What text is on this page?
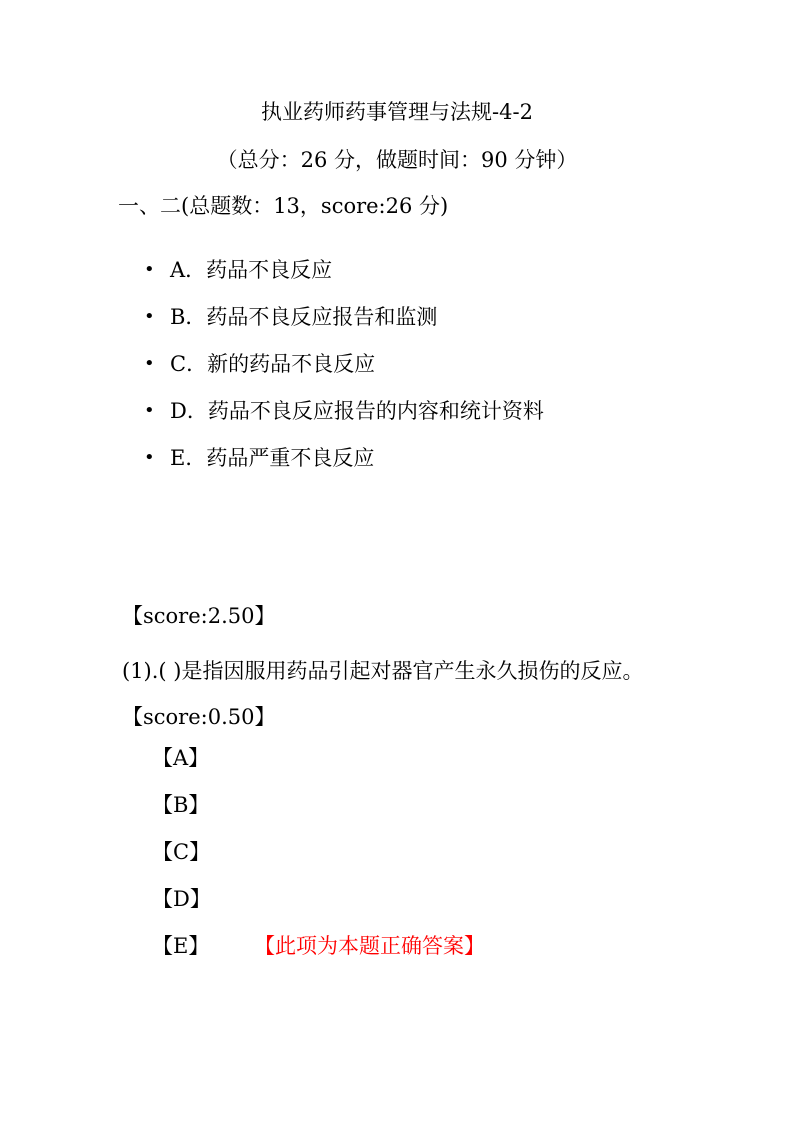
执业药师药事管理与法规-4-2
（总分：26 分，做题时间：90 分钟）
一、二(总题数：13，score:26 分)
• A．药品不良反应
• B．药品不良反应报告和监测
• C．新的药品不良反应
• D．药品不良反应报告的内容和统计资料
• E．药品严重不良反应
【score:2.50】
(1).( )是指因服用药品引起对器官产生永久损伤的反应。【score:0.50】
【A】
【B】
【C】
【D】
【E】 【此项为本题正确答案】
